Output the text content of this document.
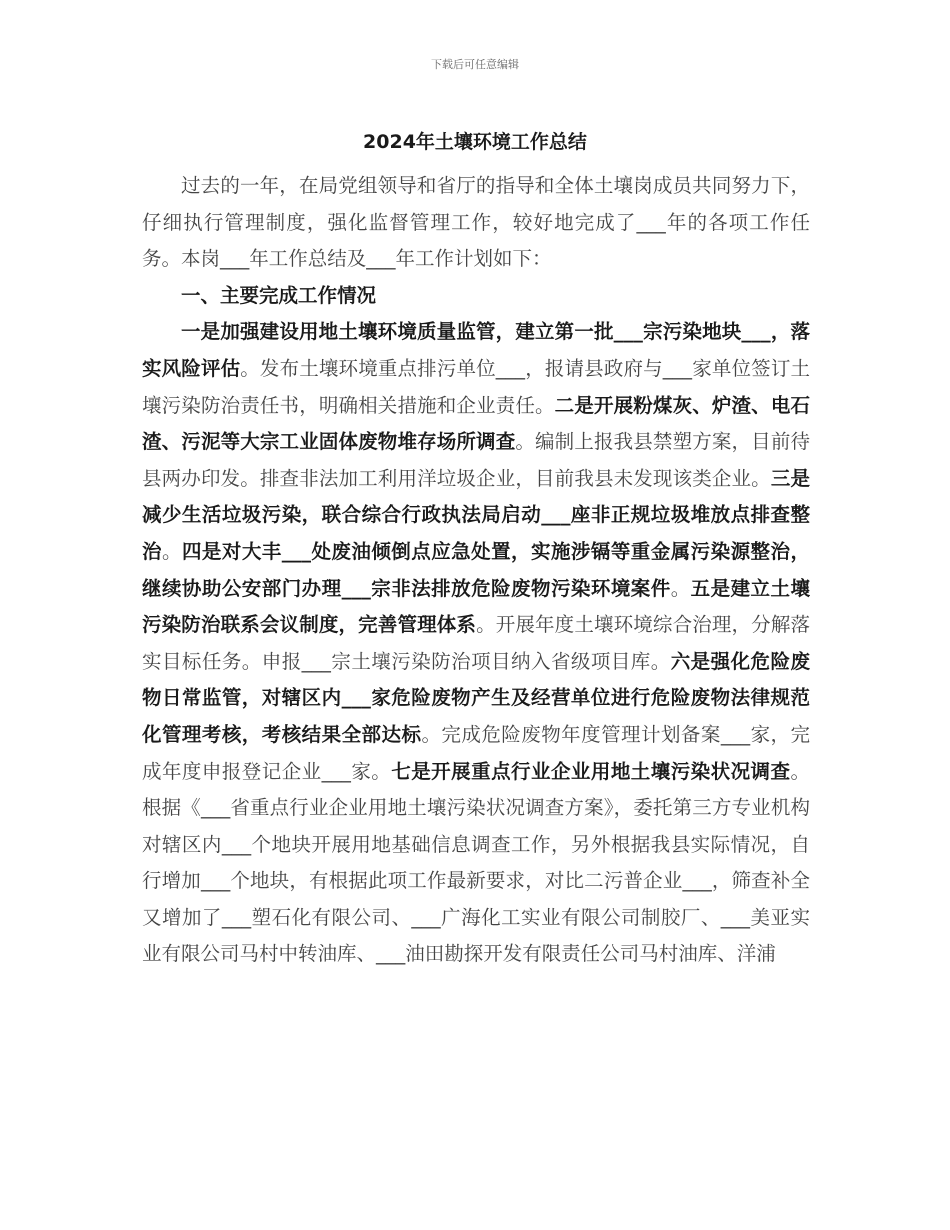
下载后可任意编辑
2024年土壤环境工作总结

过去的一年，在局党组领导和省厅的指导和全体土壤岗成员共同努力下，仔细执行管理制度，强化监督管理工作，较好地完成了___年的各项工作任务。本岗___年工作总结及___年工作计划如下：

一、主要完成工作情况

一是加强建设用地土壤环境质量监管，建立第一批___宗污染地块___，落实风险评估。发布土壤环境重点排污单位___，报请县政府与___家单位签订土壤污染防治责任书，明确相关措施和企业责任。二是开展粉煤灰、炉渣、电石渣、污泥等大宗工业固体废物堆存场所调查。编制上报我县禁塑方案，目前待县两办印发。排查非法加工利用洋垃圾企业，目前我县未发现该类企业。三是减少生活垃圾污染，联合综合行政执法局启动___座非正规垃圾堆放点排查整治。四是对大丰___处废油倾倒点应急处置，实施涉镉等重金属污染源整治，继续协助公安部门办理___宗非法排放危险废物污染环境案件。五是建立土壤污染防治联系会议制度，完善管理体系。开展年度土壤环境综合治理，分解落实目标任务。申报___宗土壤污染防治项目纳入省级项目库。六是强化危险废物日常监管，对辖区内___家危险废物产生及经营单位进行危险废物法律规范化管理考核，考核结果全部达标。完成危险废物年度管理计划备案___家，完成年度申报登记企业___家。七是开展重点行业企业用地土壤污染状况调查。根据《___省重点行业企业用地土壤污染状况调查方案》，委托第三方专业机构对辖区内___个地块开展用地基础信息调查工作，另外根据我县实际情况，自行增加___个地块，有根据此项工作最新要求，对比二污普企业___，筛查补全又增加了___塑石化有限公司、___广海化工实业有限公司制胶厂、___美亚实业有限公司马村中转油库、___油田勘探开发有限责任公司马村油库、洋浦
